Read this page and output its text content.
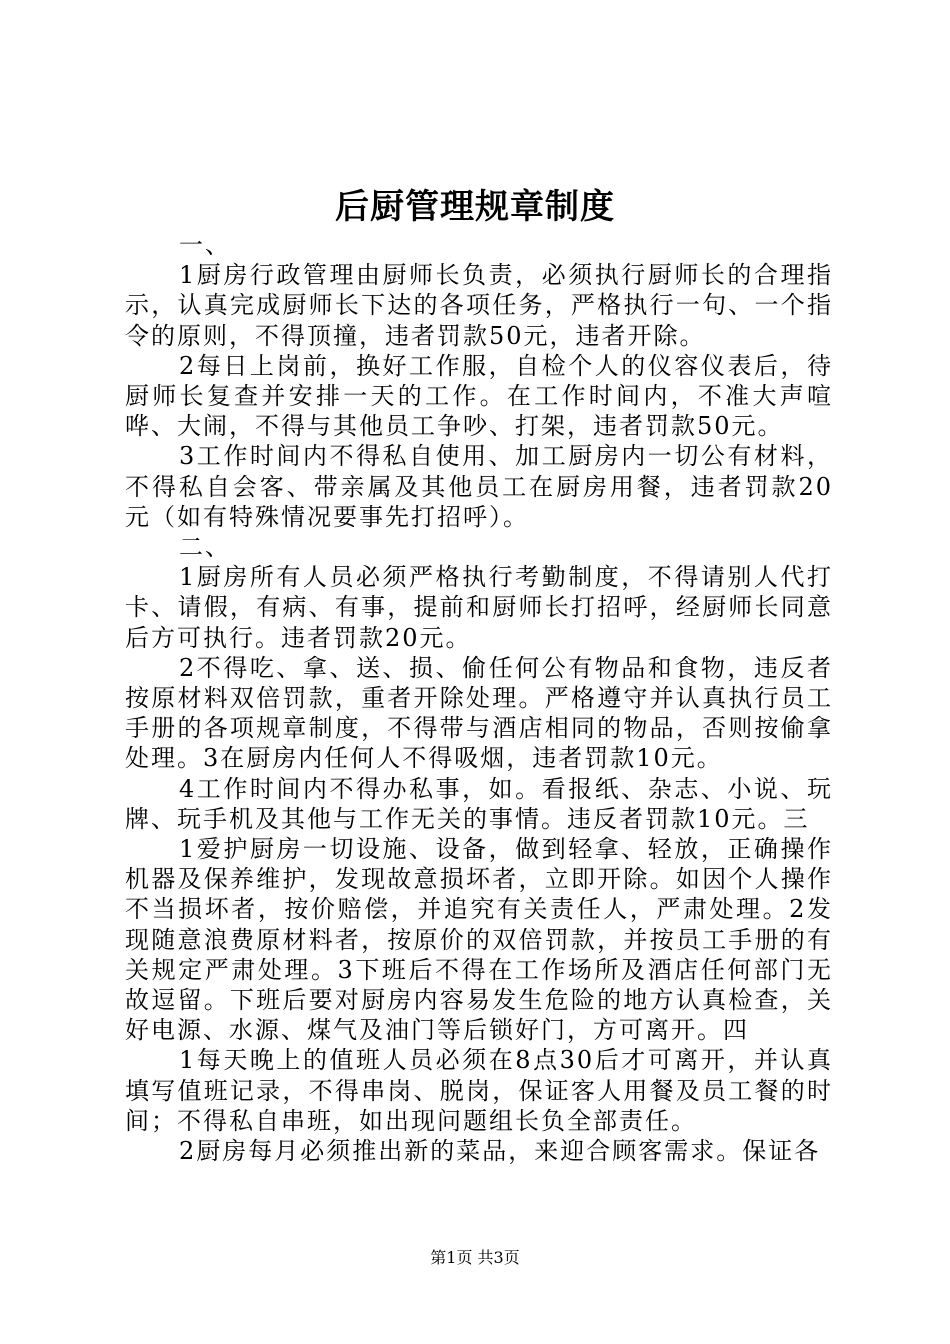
后厨管理规章制度

一、

1厨房行政管理由厨师长负责，必须执行厨师长的合理指示，认真完成厨师长下达的各项任务，严格执行一句、一个指令的原则，不得顶撞，违者罚款50元，违者开除。

2每日上岗前，换好工作服，自检个人的仪容仪表后，待厨师长复查并安排一天的工作。在工作时间内，不准大声喧哗、大闹，不得与其他员工争吵、打架，违者罚款50元。

3工作时间内不得私自使用、加工厨房内一切公有材料，不得私自会客、带亲属及其他员工在厨房用餐，违者罚款20元（如有特殊情况要事先打招呼）。

二、

1厨房所有人员必须严格执行考勤制度，不得请别人代打卡、请假，有病、有事，提前和厨师长打招呼，经厨师长同意后方可执行。违者罚款20元。

2不得吃、拿、送、损、偷任何公有物品和食物，违反者按原材料双倍罚款，重者开除处理。严格遵守并认真执行员工手册的各项规章制度，不得带与酒店相同的物品，否则按偷拿处理。3在厨房内任何人不得吸烟，违者罚款10元。

4工作时间内不得办私事，如。看报纸、杂志、小说、玩牌、玩手机及其他与工作无关的事情。违反者罚款10元。三

1爱护厨房一切设施、设备，做到轻拿、轻放，正确操作机器及保养维护，发现故意损坏者，立即开除。如因个人操作不当损坏者，按价赔偿，并追究有关责任人，严肃处理。2发现随意浪费原材料者，按原价的双倍罚款，并按员工手册的有关规定严肃处理。3下班后不得在工作场所及酒店任何部门无故逗留。下班后要对厨房内容易发生危险的地方认真检查，关好电源、水源、煤气及油门等后锁好门，方可离开。四

1每天晚上的值班人员必须在8点30后才可离开，并认真填写值班记录，不得串岗、脱岗，保证客人用餐及员工餐的时间；不得私自串班，如出现问题组长负全部责任。

2厨房每月必须推出新的菜品，来迎合顾客需求。保证各

第1页 共3页
